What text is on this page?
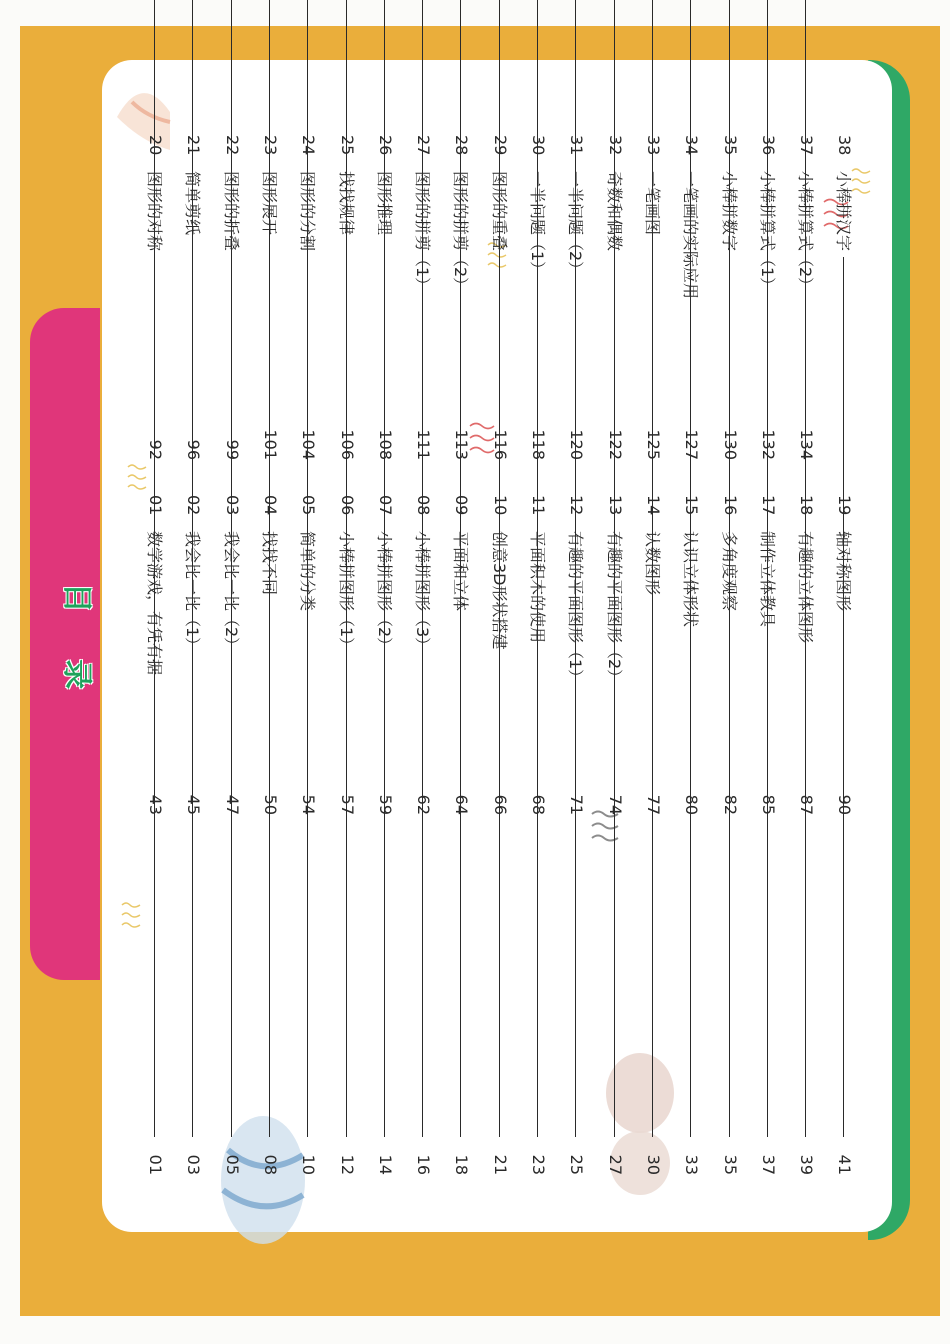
目 录
01
数学游戏，有凭有据
01
02
我会比一比（1）
03
03
我会比一比（2）
05
04
找找不同
08
05
简单的分类
10
06
小棒拼图形（1）
12
07
小棒拼图形（2）
14
08
小棒拼图形（3）
16
09
平面和立体
18
10
创意3D形状搭建
21
11
平面积木的使用
23
12
有趣的平面图形（1）
25
13
有趣的平面图形（2）
27
14
认数图形
30
15
认识立体形状
33
16
多角度观察
35
17
制作立体教具
37
18
有趣的立体图形
39
19
轴对称图形
41
20
图形的对称
43
21
简单剪纸
45
22
图形的折叠
47
23
图形展开
50
24
图形的分割
54
25
找找规律
57
26
图形推理
59
27
图形的拼剪（1）
62
28
图形的拼剪（2）
64
29
图形的重叠
66
30
一半问题（1）
68
31
一半问题（2）
71
32
奇数和偶数
74
33
一笔画图
77
34
一笔画的实际应用
80
35
小棒拼数字
82
36
小棒拼算式（1）
85
37
小棒拼算式（2）
87
38
小棒拼汉字
90
92 96 99 101 104 106 108 111 113 116 118 120 122 125 127 130 132 134
